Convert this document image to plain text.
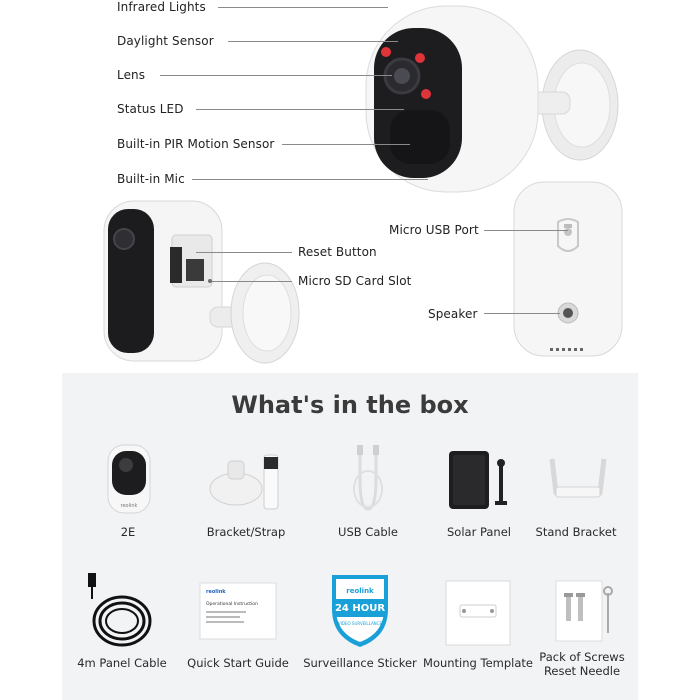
Infrared Lights
Daylight Sensor
Lens
Status LED
Built-in PIR Motion Sensor
Built-in Mic
Reset Button
Micro SD Card Slot
Micro USB Port
Speaker
What's in the box
reolink
2E	Bracket/Strap	USB Cable	Solar Panel	Stand Bracket
4m Panel Cable
reolink
Operational Instruction
Quick Start Guide
reolink
24 HOUR
VIDEO SURVEILLANCE
Surveillance Sticker Mounting Template Pack of Screws
Reset Needle
